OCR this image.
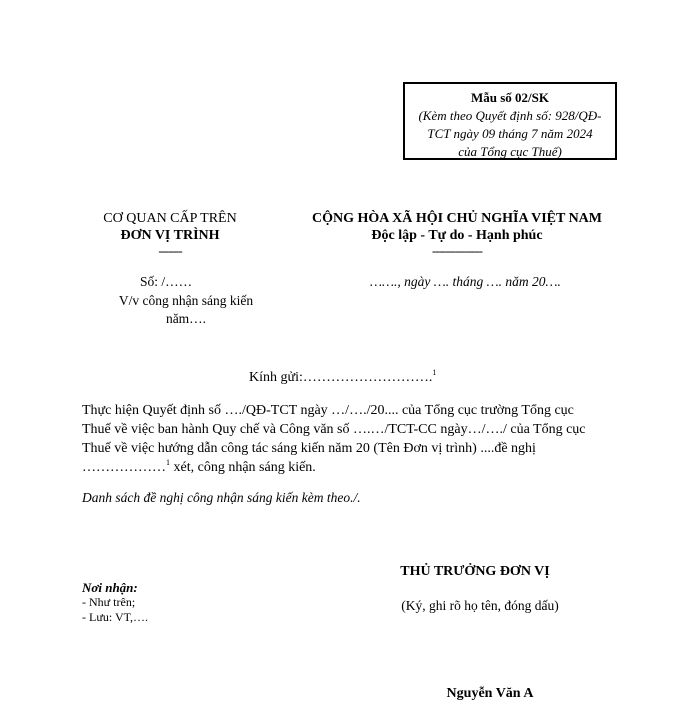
Mẫu số 02/SK
(Kèm theo Quyết định số: 928/QĐ-
TCT ngày 09 tháng 7 năm 2024
của Tổng cục Thuế)
CƠ QUAN CẤP TRÊN
ĐƠN VỊ TRÌNH
-------
CỘNG HÒA XÃ HỘI CHỦ NGHĨA VIỆT NAM
Độc lập - Tự do - Hạnh phúc
---------------
Số: /……
V/v công nhận sáng kiến
năm….
……., ngày …. tháng …. năm 20….
Kính gửi:……………………….$^1$
Thực hiện Quyết định số …./QĐ-TCT ngày …/…./20.... của Tổng cục trường Tổng cục
Thuế về việc ban hành Quy chế và Công văn số ….…/TCT-CC ngày…/…./ của Tổng cục
Thuế về việc hướng dẫn công tác sáng kiến năm 20 (Tên Đơn vị trình) ....đề nghị
………………$^1$ xét, công nhận sáng kiến.
Danh sách đề nghị công nhận sáng kiến kèm theo./.
Nơi nhận:
- Như trên;
- Lưu: VT,….
THỦ TRƯỞNG ĐƠN VỊ
(Ký, ghi rõ họ tên, đóng dấu)
Nguyễn Văn A
